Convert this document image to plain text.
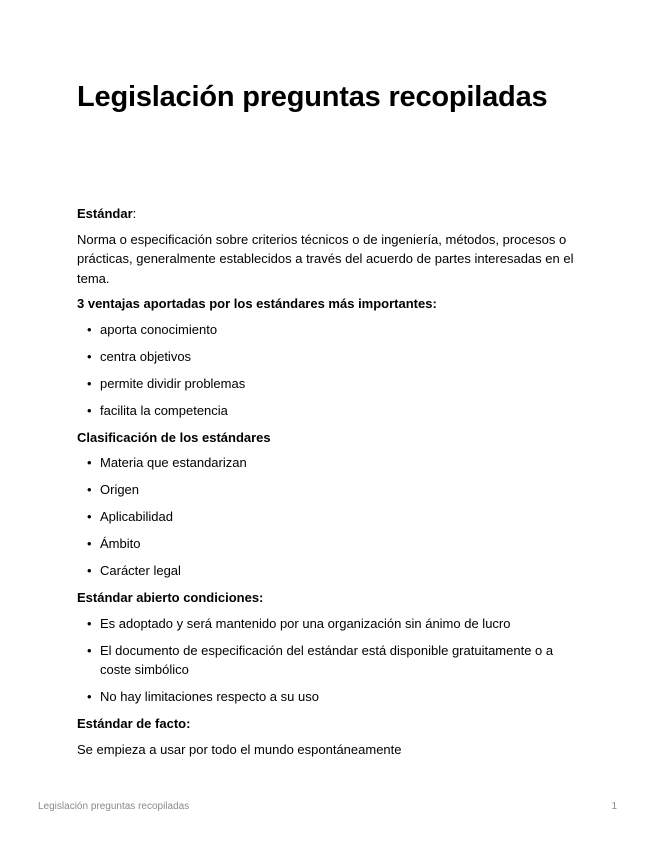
Legislación preguntas recopiladas

Estándar:

Norma o especificación sobre criterios técnicos o de ingeniería, métodos, procesos o prácticas, generalmente establecidos a través del acuerdo de partes interesadas en el tema.

3 ventajas aportadas por los estándares más importantes:

• aporta conocimiento
• centra objetivos
• permite dividir problemas
• facilita la competencia

Clasificación de los estándares

• Materia que estandarizan
• Origen
• Aplicabilidad
• Ámbito
• Carácter legal

Estándar abierto condiciones:

• Es adoptado y será mantenido por una organización sin ánimo de lucro
• El documento de especificación del estándar está disponible gratuitamente o a coste simbólico
• No hay limitaciones respecto a su uso

Estándar de facto:

Se empieza a usar por todo el mundo espontáneamente

Legislación preguntas recopiladas	1
